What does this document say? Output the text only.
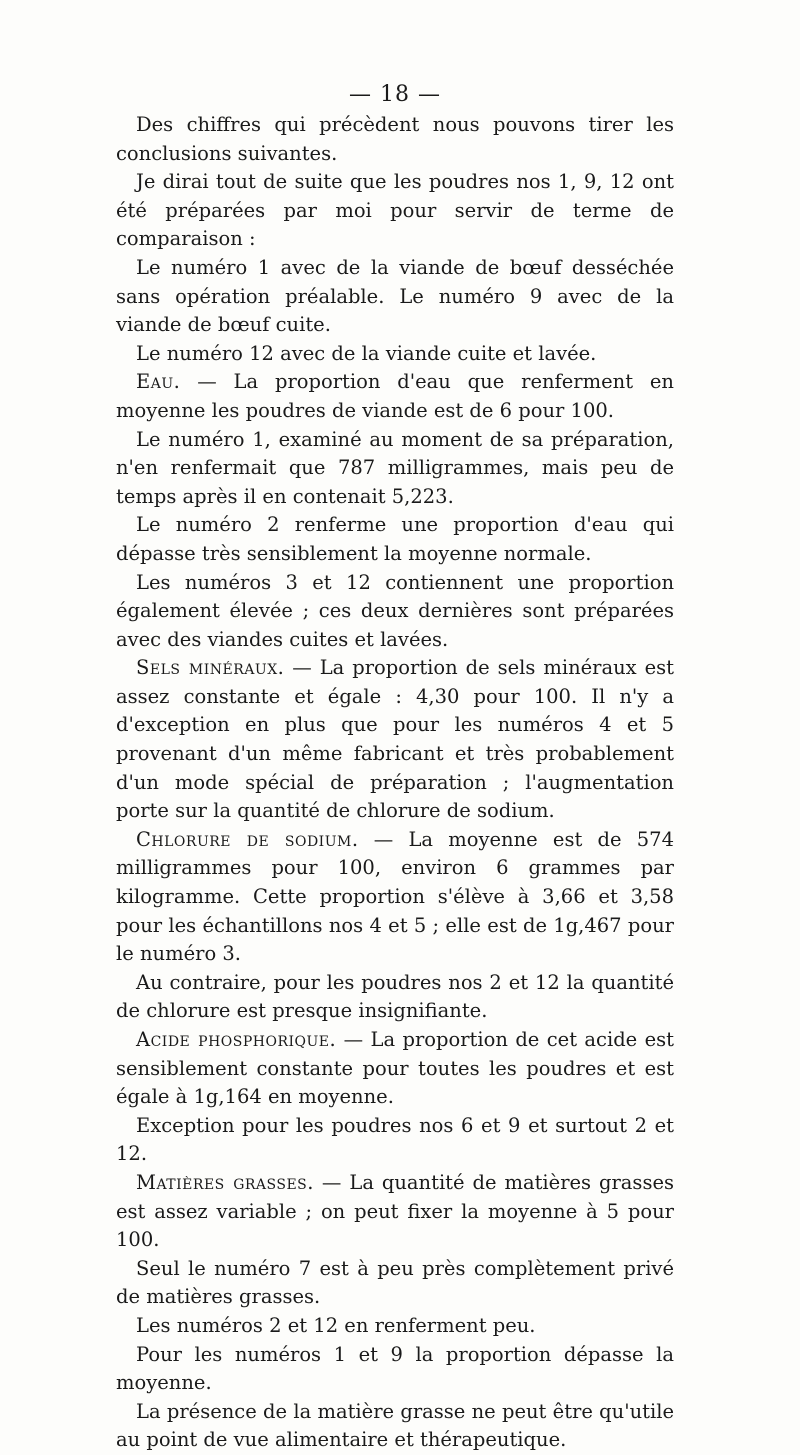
— 18 —

Des chiffres qui précèdent nous pouvons tirer les conclusions suivantes.

Je dirai tout de suite que les poudres nos 1, 9, 12 ont été préparées par moi pour servir de terme de comparaison :

Le numéro 1 avec de la viande de bœuf desséchée sans opération préalable. Le numéro 9 avec de la viande de bœuf cuite.

Le numéro 12 avec de la viande cuite et lavée.

Eau. — La proportion d'eau que renferment en moyenne les poudres de viande est de 6 pour 100.

Le numéro 1, examiné au moment de sa préparation, n'en renfermait que 787 milligrammes, mais peu de temps après il en contenait 5,223.

Le numéro 2 renferme une proportion d'eau qui dépasse très sensiblement la moyenne normale.

Les numéros 3 et 12 contiennent une proportion également élevée ; ces deux dernières sont préparées avec des viandes cuites et lavées.

Sels minéraux. — La proportion de sels minéraux est assez constante et égale : 4,30 pour 100. Il n'y a d'exception en plus que pour les numéros 4 et 5 provenant d'un même fabricant et très probablement d'un mode spécial de préparation ; l'augmentation porte sur la quantité de chlorure de sodium.

Chlorure de sodium. — La moyenne est de 574 milligrammes pour 100, environ 6 grammes par kilogramme. Cette proportion s'élève à 3,66 et 3,58 pour les échantillons nos 4 et 5 ; elle est de 1g,467 pour le numéro 3.

Au contraire, pour les poudres nos 2 et 12 la quantité de chlorure est presque insignifiante.

Acide phosphorique. — La proportion de cet acide est sensiblement constante pour toutes les poudres et est égale à 1g,164 en moyenne.

Exception pour les poudres nos 6 et 9 et surtout 2 et 12.

Matières grasses. — La quantité de matières grasses est assez variable ; on peut fixer la moyenne à 5 pour 100.

Seul le numéro 7 est à peu près complètement privé de matières grasses.

Les numéros 2 et 12 en renferment peu.

Pour les numéros 1 et 9 la proportion dépasse la moyenne.

La présence de la matière grasse ne peut être qu'utile au point de vue alimentaire et thérapeutique.
